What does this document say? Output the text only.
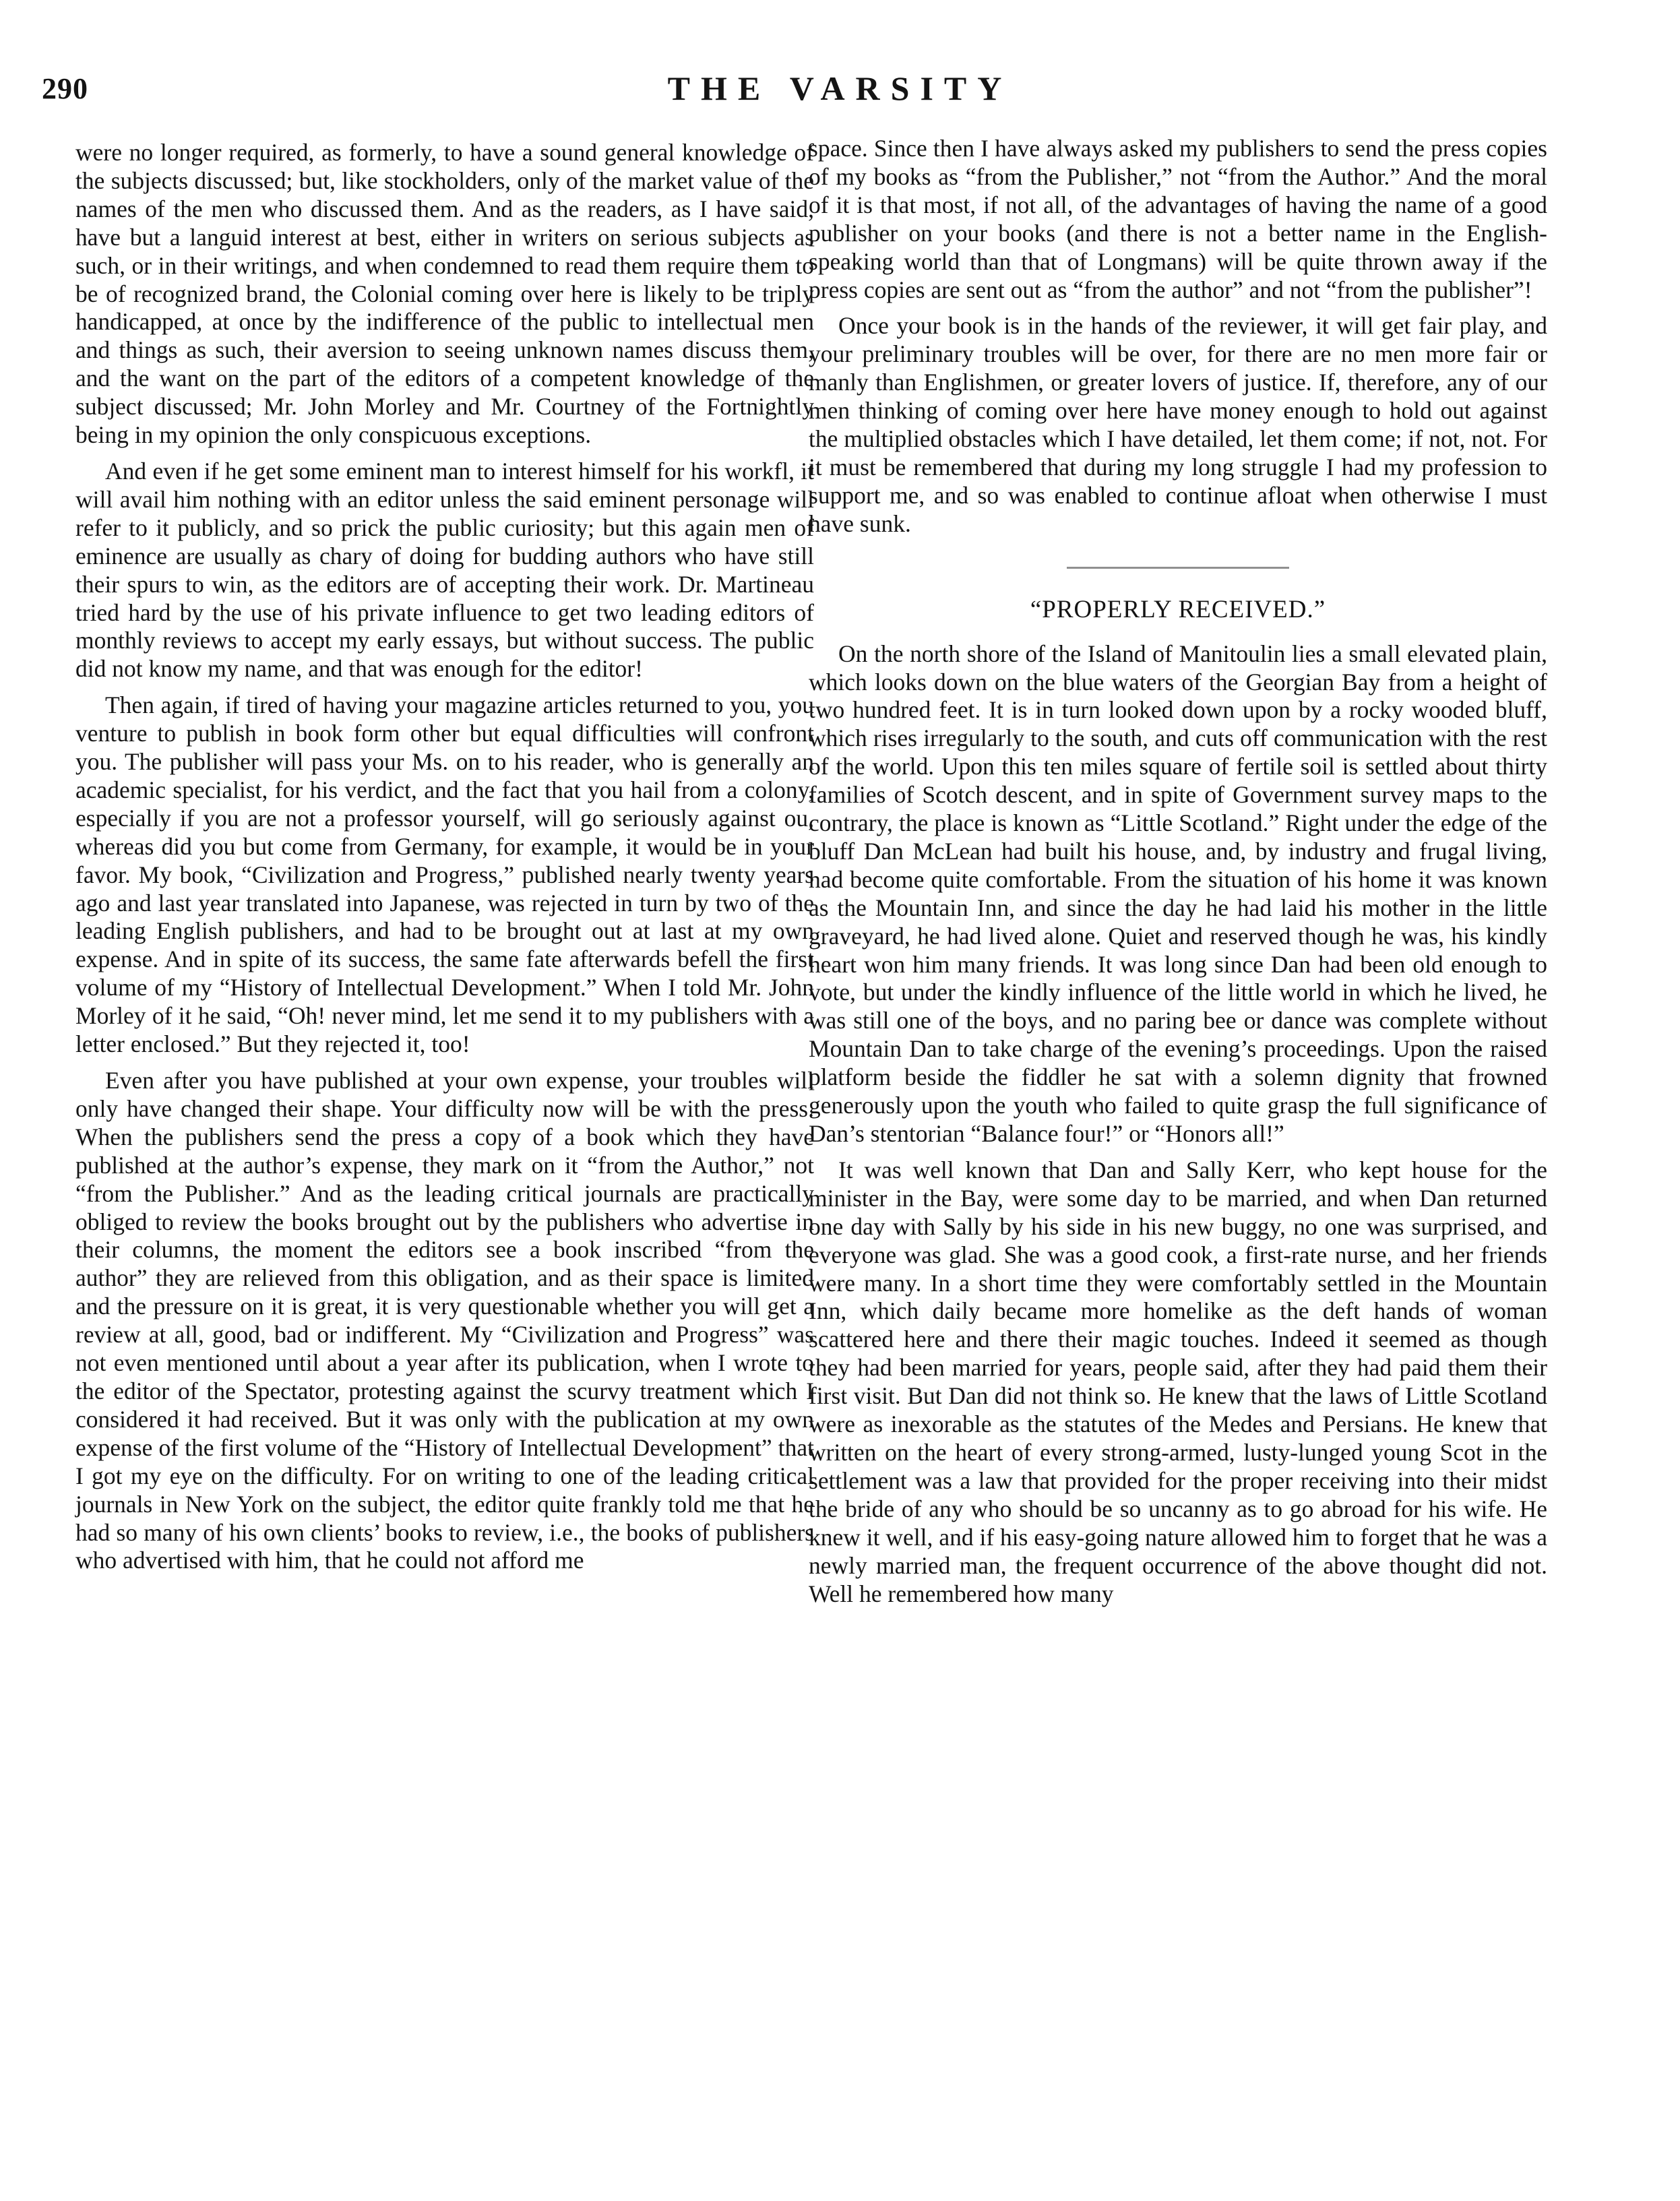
290	THE VARSITY

were no longer required, as formerly, to have a sound general knowledge of the subjects discussed; but, like stockholders, only of the market value of the names of the men who discussed them. And as the readers, as I have said, have but a languid interest at best, either in writers on serious subjects as such, or in their writings, and when condemned to read them require them to be of recognized brand, the Colonial coming over here is likely to be triply handicapped, at once by the indifference of the public to intellectual men and things as such, their aversion to seeing unknown names discuss them, and the want on the part of the editors of a competent knowledge of the subject discussed; Mr. John Morley and Mr. Courtney of the Fortnightly being in my opinion the only conspicuous exceptions.

And even if he get some eminent man to interest himself for his workfl, it will avail him nothing with an editor unless the said eminent personage will refer to it publicly, and so prick the public curiosity; but this again men of eminence are usually as chary of doing for budding authors who have still their spurs to win, as the editors are of accepting their work. Dr. Martineau tried hard by the use of his private influence to get two leading editors of monthly reviews to accept my early essays, but without success. The public did not know my name, and that was enough for the editor!

Then again, if tired of having your magazine articles returned to you, you venture to publish in book form other but equal difficulties will confront you. The publisher will pass your Ms. on to his reader, who is generally an academic specialist, for his verdict, and the fact that you hail from a colony, especially if you are not a professor yourself, will go seriously against ou, whereas did you but come from Germany, for example, it would be in your favor. My book, “Civilization and Progress,” published nearly twenty years ago and last year translated into Japanese, was rejected in turn by two of the leading English publishers, and had to be brought out at last at my own expense. And in spite of its success, the same fate afterwards befell the first volume of my “History of Intellectual Development.” When I told Mr. John Morley of it he said, “Oh! never mind, let me send it to my publishers with a letter enclosed.” But they rejected it, too!

Even after you have published at your own expense, your troubles will only have changed their shape. Your difficulty now will be with the press. When the publishers send the press a copy of a book which they have published at the author’s expense, they mark on it “from the Author,” not “from the Publisher.” And as the leading critical journals are practically obliged to review the books brought out by the publishers who advertise in their columns, the moment the editors see a book inscribed “from the author” they are relieved from this obligation, and as their space is limited and the pressure on it is great, it is very questionable whether you will get a review at all, good, bad or indifferent. My “Civilization and Progress” was not even mentioned until about a year after its publication, when I wrote to the editor of the Spectator, protesting against the scurvy treatment which I considered it had received. But it was only with the publication at my own expense of the first volume of the “History of Intellectual Development” that I got my eye on the difficulty. For on writing to one of the leading critical journals in New York on the subject, the editor quite frankly told me that he had so many of his own clients’ books to review, i.e., the books of publishers who advertised with him, that he could not afford me

space. Since then I have always asked my publishers to send the press copies of my books as “from the Publisher,” not “from the Author.” And the moral of it is that most, if not all, of the advantages of having the name of a good publisher on your books (and there is not a better name in the English-speaking world than that of Longmans) will be quite thrown away if the press copies are sent out as “from the author” and not “from the publisher”!

Once your book is in the hands of the reviewer, it will get fair play, and your preliminary troubles will be over, for there are no men more fair or manly than Englishmen, or greater lovers of justice. If, therefore, any of our men thinking of coming over here have money enough to hold out against the multiplied obstacles which I have detailed, let them come; if not, not. For it must be remembered that during my long struggle I had my profession to support me, and so was enabled to continue afloat when otherwise I must have sunk.

“PROPERLY RECEIVED.”

On the north shore of the Island of Manitoulin lies a small elevated plain, which looks down on the blue waters of the Georgian Bay from a height of two hundred feet. It is in turn looked down upon by a rocky wooded bluff, which rises irregularly to the south, and cuts off communication with the rest of the world. Upon this ten miles square of fertile soil is settled about thirty families of Scotch descent, and in spite of Government survey maps to the contrary, the place is known as “Little Scotland.” Right under the edge of the bluff Dan McLean had built his house, and, by industry and frugal living, had become quite comfortable. From the situation of his home it was known as the Mountain Inn, and since the day he had laid his mother in the little graveyard, he had lived alone. Quiet and reserved though he was, his kindly heart won him many friends. It was long since Dan had been old enough to vote, but under the kindly influence of the little world in which he lived, he was still one of the boys, and no paring bee or dance was complete without Mountain Dan to take charge of the evening’s proceedings. Upon the raised platform beside the fiddler he sat with a solemn dignity that frowned generously upon the youth who failed to quite grasp the full significance of Dan’s stentorian “Balance four!” or “Honors all!”

It was well known that Dan and Sally Kerr, who kept house for the minister in the Bay, were some day to be married, and when Dan returned one day with Sally by his side in his new buggy, no one was surprised, and everyone was glad. She was a good cook, a first-rate nurse, and her friends were many. In a short time they were comfortably settled in the Mountain Inn, which daily became more homelike as the deft hands of woman scattered here and there their magic touches. Indeed it seemed as though they had been married for years, people said, after they had paid them their first visit. But Dan did not think so. He knew that the laws of Little Scotland were as inexorable as the statutes of the Medes and Persians. He knew that written on the heart of every strong-armed, lusty-lunged young Scot in the settlement was a law that provided for the proper receiving into their midst the bride of any who should be so uncanny as to go abroad for his wife. He knew it well, and if his easy-going nature allowed him to forget that he was a newly married man, the frequent occurrence of the above thought did not. Well he remembered how many
